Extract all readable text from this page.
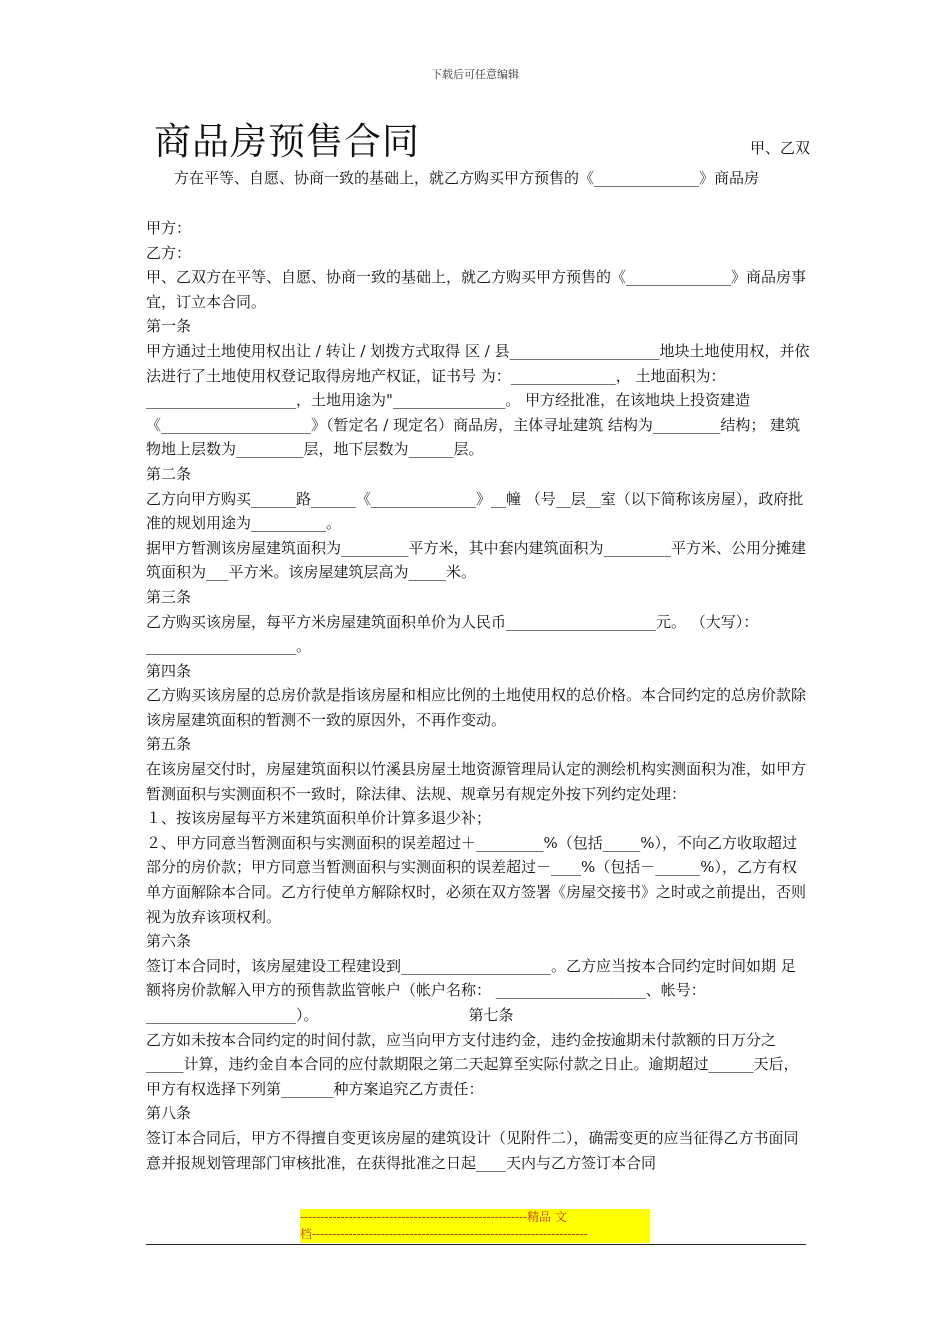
下载后可任意编辑
商品房预售合同	甲、乙双
方在平等、自愿、协商一致的基础上，就乙方购买甲方预售的《______________》商品房

甲方：

乙方：

甲、乙双方在平等、自愿、协商一致的基础上，就乙方购买甲方预售的《______________》商品房事宜，订立本合同。

第一条

甲方通过土地使用权出让 / 转让 / 划拨方式取得 区 / 县____________________地块土地使用权，并依法进行了土地使用权登记取得房地产权证，证书号 为：______________， 土地面积为：____________________，土地用途为"_______________。 甲方经批准，在该地块上投资建造《____________________》（暂定名 / 现定名）商品房，主体寻址建筑 结构为_________结构； 建筑物地上层数为_________层，地下层数为______层。

第二条

乙方向甲方购买______路______《______________》__幢 （号__层__室（以下简称该房屋），政府批准的规划用途为__________。

据甲方暂测该房屋建筑面积为_________平方米，其中套内建筑面积为_________平方米、公用分摊建筑面积为___平方米。该房屋建筑层高为_____米。

第三条

乙方购买该房屋，每平方米房屋建筑面积单价为人民币____________________元。 （大写）：____________________。

第四条

乙方购买该房屋的总房价款是指该房屋和相应比例的土地使用权的总价格。本合同约定的总房价款除该房屋建筑面积的暂测不一致的原因外，不再作变动。

第五条

在该房屋交付时，房屋建筑面积以竹溪县房屋土地资源管理局认定的测绘机构实测面积为准，如甲方暂测面积与实测面积不一致时，除法律、法规、规章另有规定外按下列约定处理：

１、按该房屋每平方米建筑面积单价计算多退少补；

２、甲方同意当暂测面积与实测面积的误差超过＋_________%（包括_____%），不向乙方收取超过部分的房价款；甲方同意当暂测面积与实测面积的误差超过－____%（包括－______%），乙方有权单方面解除本合同。乙方行使单方解除权时，必须在双方签署《房屋交接书》之时或之前提出，否则视为放弃该项权利。

第六条

签订本合同时，该房屋建设工程建设到____________________。乙方应当按本合同约定时间如期 足额将房价款解入甲方的预售款监管帐户（帐户名称： ____________________、帐号：____________________）。	第七条

乙方如未按本合同约定的时间付款，应当向甲方支付违约金，违约金按逾期未付款额的日万分之_____计算，违约金自本合同的应付款期限之第二天起算至实际付款之日止。逾期超过______天后，甲方有权选择下列第_______种方案追究乙方责任：

第八条

签订本合同后，甲方不得擅自变更该房屋的建筑设计（见附件二），确需变更的应当征得乙方书面同意并报规划管理部门审核批准，在获得批准之日起____天内与乙方签订本合同

--------------------------------------------------------精品 文
档--------------------------------------------------------------------
